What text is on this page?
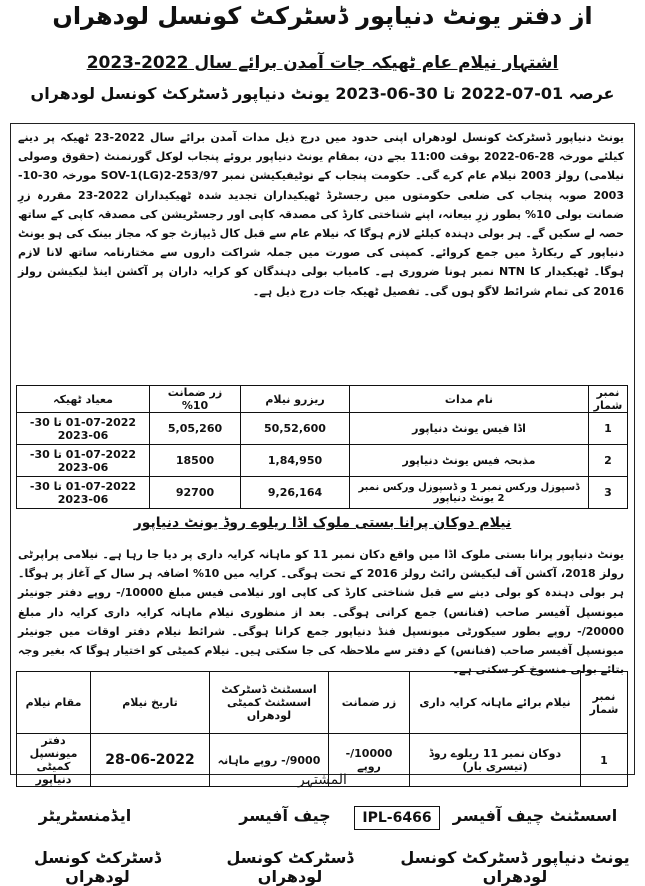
از دفتر یونٹ دنیاپور ڈسٹرکٹ کونسل لودھراں
اشتہار نیلام عام ٹھیکہ جات آمدن برائے سال 2022-2023
عرصہ 01-07-2022 تا 30-06-2023 یونٹ دنیاپور ڈسٹرکٹ کونسل لودھراں
یونٹ دنیاپور ڈسٹرکٹ کونسل لودھراں اپنی حدود میں درج ذیل مدات آمدن برائے سال 2022-23 ٹھیکہ پر دینے کیلئے مورخہ 28-06-2022 بوقت 11:00 بجے دن، بمقام یونٹ دنیاپور بروئے پنجاب لوکل گورنمنٹ (حقوق وصولی نیلامی) رولز 2003 نیلام عام کرے گی۔ حکومت پنجاب کے نوٹیفیکیشن نمبر SOV-1(LG)2-253/97 مورخہ 30-10-2003 صوبہ پنجاب کی ضلعی حکومتوں میں رجسٹرڈ ٹھیکیداران تجدید شدہ ٹھیکیداران 2022-23 مقررہ زرِ ضمانت بولی 10% بطور زرِ بیعانہ، اپنے شناختی کارڈ کی مصدقہ کاپی اور رجسٹریشن کی مصدقہ کاپی کے ساتھ حصہ لے سکیں گے۔ ہر بولی دہندہ کیلئے لازم ہوگا کہ نیلام عام سے قبل کال ڈیپازٹ جو کہ مجاز بینک کی ہو یونٹ دنیاپور کے ریکارڈ میں جمع کروائے۔ کمپنی کی صورت میں جملہ شراکت داروں سے مختارنامہ ساتھ لانا لازم ہوگا۔ ٹھیکیدار کا NTN نمبر ہونا ضروری ہے۔ کامیاب بولی دہندگان کو کرایہ داران پر آکشن اینڈ لیکیشن رولز 2016 کی تمام شرائط لاگو ہوں گی۔ تفصیل ٹھیکہ جات درج ذیل ہے۔
نمبر شمار	نام مدات	ریزرو نیلام	زر ضمانت 10%	معیاد ٹھیکہ
1	اڈا فیس یونٹ دنیاپور	50,52,600	5,05,260	01-07-2022 تا 30-06-2023
2	مذبحہ فیس یونٹ دنیاپور	1,84,950	18500	01-07-2022 تا 30-06-2023
3	ڈسپوزل ورکس نمبر 1 و ڈسپوزل ورکس نمبر 2 یونٹ دنیاپور	9,26,164	92700	01-07-2022 تا 30-06-2023
نیلام دوکان پرانا بستی ملوک اڈا ریلوے روڈ یونٹ دنیاپور
یونٹ دنیاپور پرانا بستی ملوک اڈا میں واقع دکان نمبر 11 کو ماہانہ کرایہ داری پر دیا جا رہا ہے۔ نیلامی پراپرٹی رولز 2018، آکشن آف لیکیشن رائٹ رولز 2016 کے تحت ہوگی۔ کرایہ میں 10% اضافہ ہر سال کے آغاز پر ہوگا۔ ہر بولی دہندہ کو بولی دینے سے قبل شناختی کارڈ کی کاپی اور نیلامی فیس مبلغ 10000/- روپے دفتر جونیئر میونسپل آفیسر صاحب (فنانس) جمع کرانی ہوگی۔ بعد از منظوری نیلام ماہانہ کرایہ داری کرایہ دار مبلغ 20000/- روپے بطور سیکورٹی میونسپل فنڈ دنیاپور جمع کرانا ہوگی۔ شرائط نیلام دفتر اوقات میں جونیئر میونسپل آفیسر صاحب (فنانس) کے دفتر سے ملاحظہ کی جا سکتی ہیں۔ نیلام کمیٹی کو اختیار ہوگا کہ بغیر وجہ بتائے بولی منسوخ کر سکتی ہے۔
نمبر شمار	نیلام برائے ماہانہ کرایہ داری	زر ضمانت	اسسٹنٹ ڈسٹرکٹ اسسٹنٹ کمیٹی لودھراں	تاریخ نیلام	مقام نیلام
1	دوکان نمبر 11 ریلوے روڈ (تیسری بار)	10000/- روپے	9000/- روپے ماہانہ	28-06-2022	دفتر میونسپل کمیٹی دنیاپور	المشتہر
IPL-6466	اسسٹنٹ چیف آفیسر
یونٹ دنیاپور ڈسٹرکٹ کونسل لودھراں
چیف آفیسر
ڈسٹرکٹ کونسل لودھراں
ایڈمنسٹریٹر
ڈسٹرکٹ کونسل لودھراں
